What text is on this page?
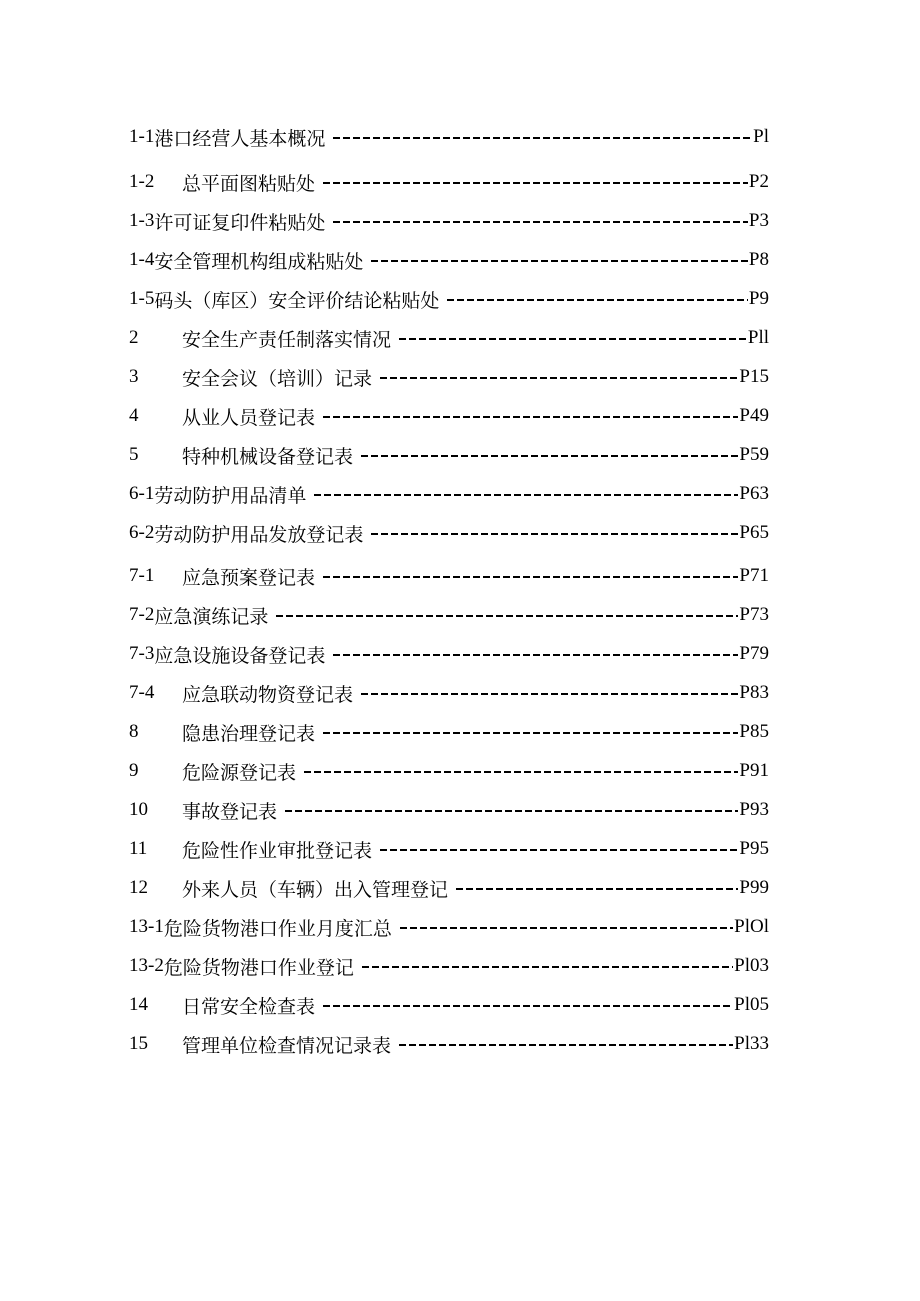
1-1 港口经营人基本概况	Pl
1-2	总平面图粘贴处	P2
1-3 许可证复印件粘贴处	P3
1-4 安全管理机构组成粘贴处	P8
1-5 码头（库区）安全评价结论粘贴处	P9
2	安全生产责任制落实情况	Pll
3	安全会议（培训）记录	P15
4	从业人员登记表	P49
5	特种机械设备登记表	P59
6-1 劳动防护用品清单	P63
6-2 劳动防护用品发放登记表	P65
7-1	应急预案登记表	P71
7-2 应急演练记录	P73
7-3 应急设施设备登记表	P79
7-4	应急联动物资登记表	P83
8	隐患治理登记表	P85
9	危险源登记表	P91
10	事故登记表	P93
11	危险性作业审批登记表	P95
12	外来人员（车辆）出入管理登记	P99
13-1 危险货物港口作业月度汇总	PlOl
13-2 危险货物港口作业登记	Pl03
14	日常安全检查表	Pl05
15	管理单位检查情况记录表	Pl33
